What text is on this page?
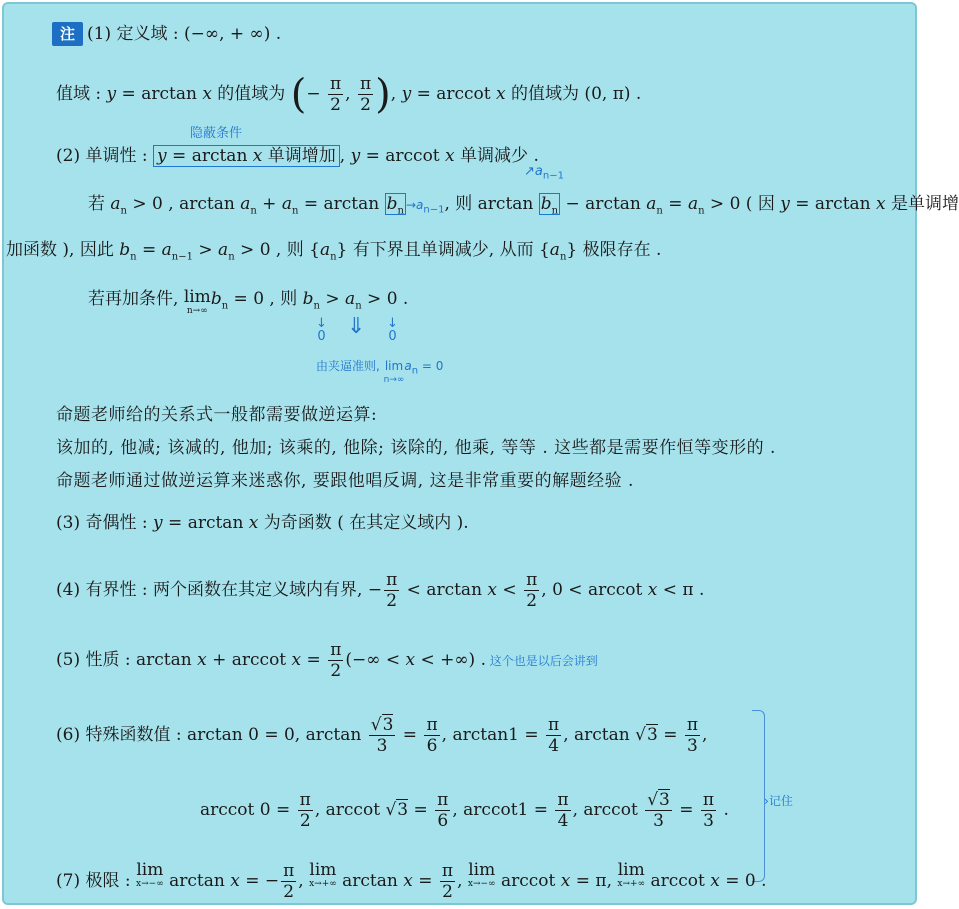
注 (1) 定义域 : (−∞, + ∞) .
值域 : y = arctan x 的值域为 (− $\frac{\pi}{2}$ , $\frac{\pi}{2}$ ), y = arccot x 的值域为 (0, π) .
隐蔽条件
(2) 单调性 : y = arctan x 单调增加 , y = arccot x 单调减少 .
$↗a_{n-1}$
若 $a_n > 0$ , $\arctan a_n + a_n = \arctan b_n \to a_{n-1}$, 则 $\arctan b_n - \arctan a_n = a_n > 0$ ( 因 y = arctan x 是单调增
加函数 ), 因此 $b_n = a_{n-1} > a_n > 0$ , 则 $\{a_n\}$ 有下界且单调减少, 从而 $\{a_n\}$ 极限存在 .
若再加条件, lim
n→∞
$b_n = 0$ , 则 $b_n > a_n > 0$ .
↓
0 ⇓ ↓
0
由夹逼准则, lim
n→∞
$a_n = 0$
命题老师给的关系式一般都需要做逆运算:
该加的, 他减; 该减的, 他加; 该乘的, 他除; 该除的, 他乘, 等等 . 这些都是需要作恒等变形的 .
命题老师通过做逆运算来迷惑你, 要跟他唱反调, 这是非常重要的解题经验 .
(3) 奇偶性 : y = arctan x 为奇函数 ( 在其定义域内 ).
(4) 有界性 : 两个函数在其定义域内有界, − $\frac{\pi}{2} < \arctan x < \frac{\pi}{2}$ , 0 < arccot x < π .
(5) 性质 : arctan x + arccot $x = \frac{\pi}{2}$ (−∞ < x < +∞) . 这个也是以后会讲到
(6) 特殊函数值 : arctan 0 = 0, $\arctan \frac{√3}{3} = \frac{\pi}{6}$ , $\arctan 1 = \frac{\pi}{4}$ , $\arctan √3 = \frac{\pi}{3}$ ,
arccot $0 = \frac{\pi}{2}$ , arccot $√3 = \frac{\pi}{6}$ , $arccot1 = \frac{\pi}{4}$ , arccot $\frac{√3}{3} = \frac{\pi}{3}$ .	›记住
(7) 极限 : lim
x→−∞ arctan x = − $\frac{\pi}{2}$ , lim
x→+∞ $\arctan x = \frac{\pi}{2}$ , lim
x→−∞ arccot x = π, lim
x→+∞ arccot x = 0 .
